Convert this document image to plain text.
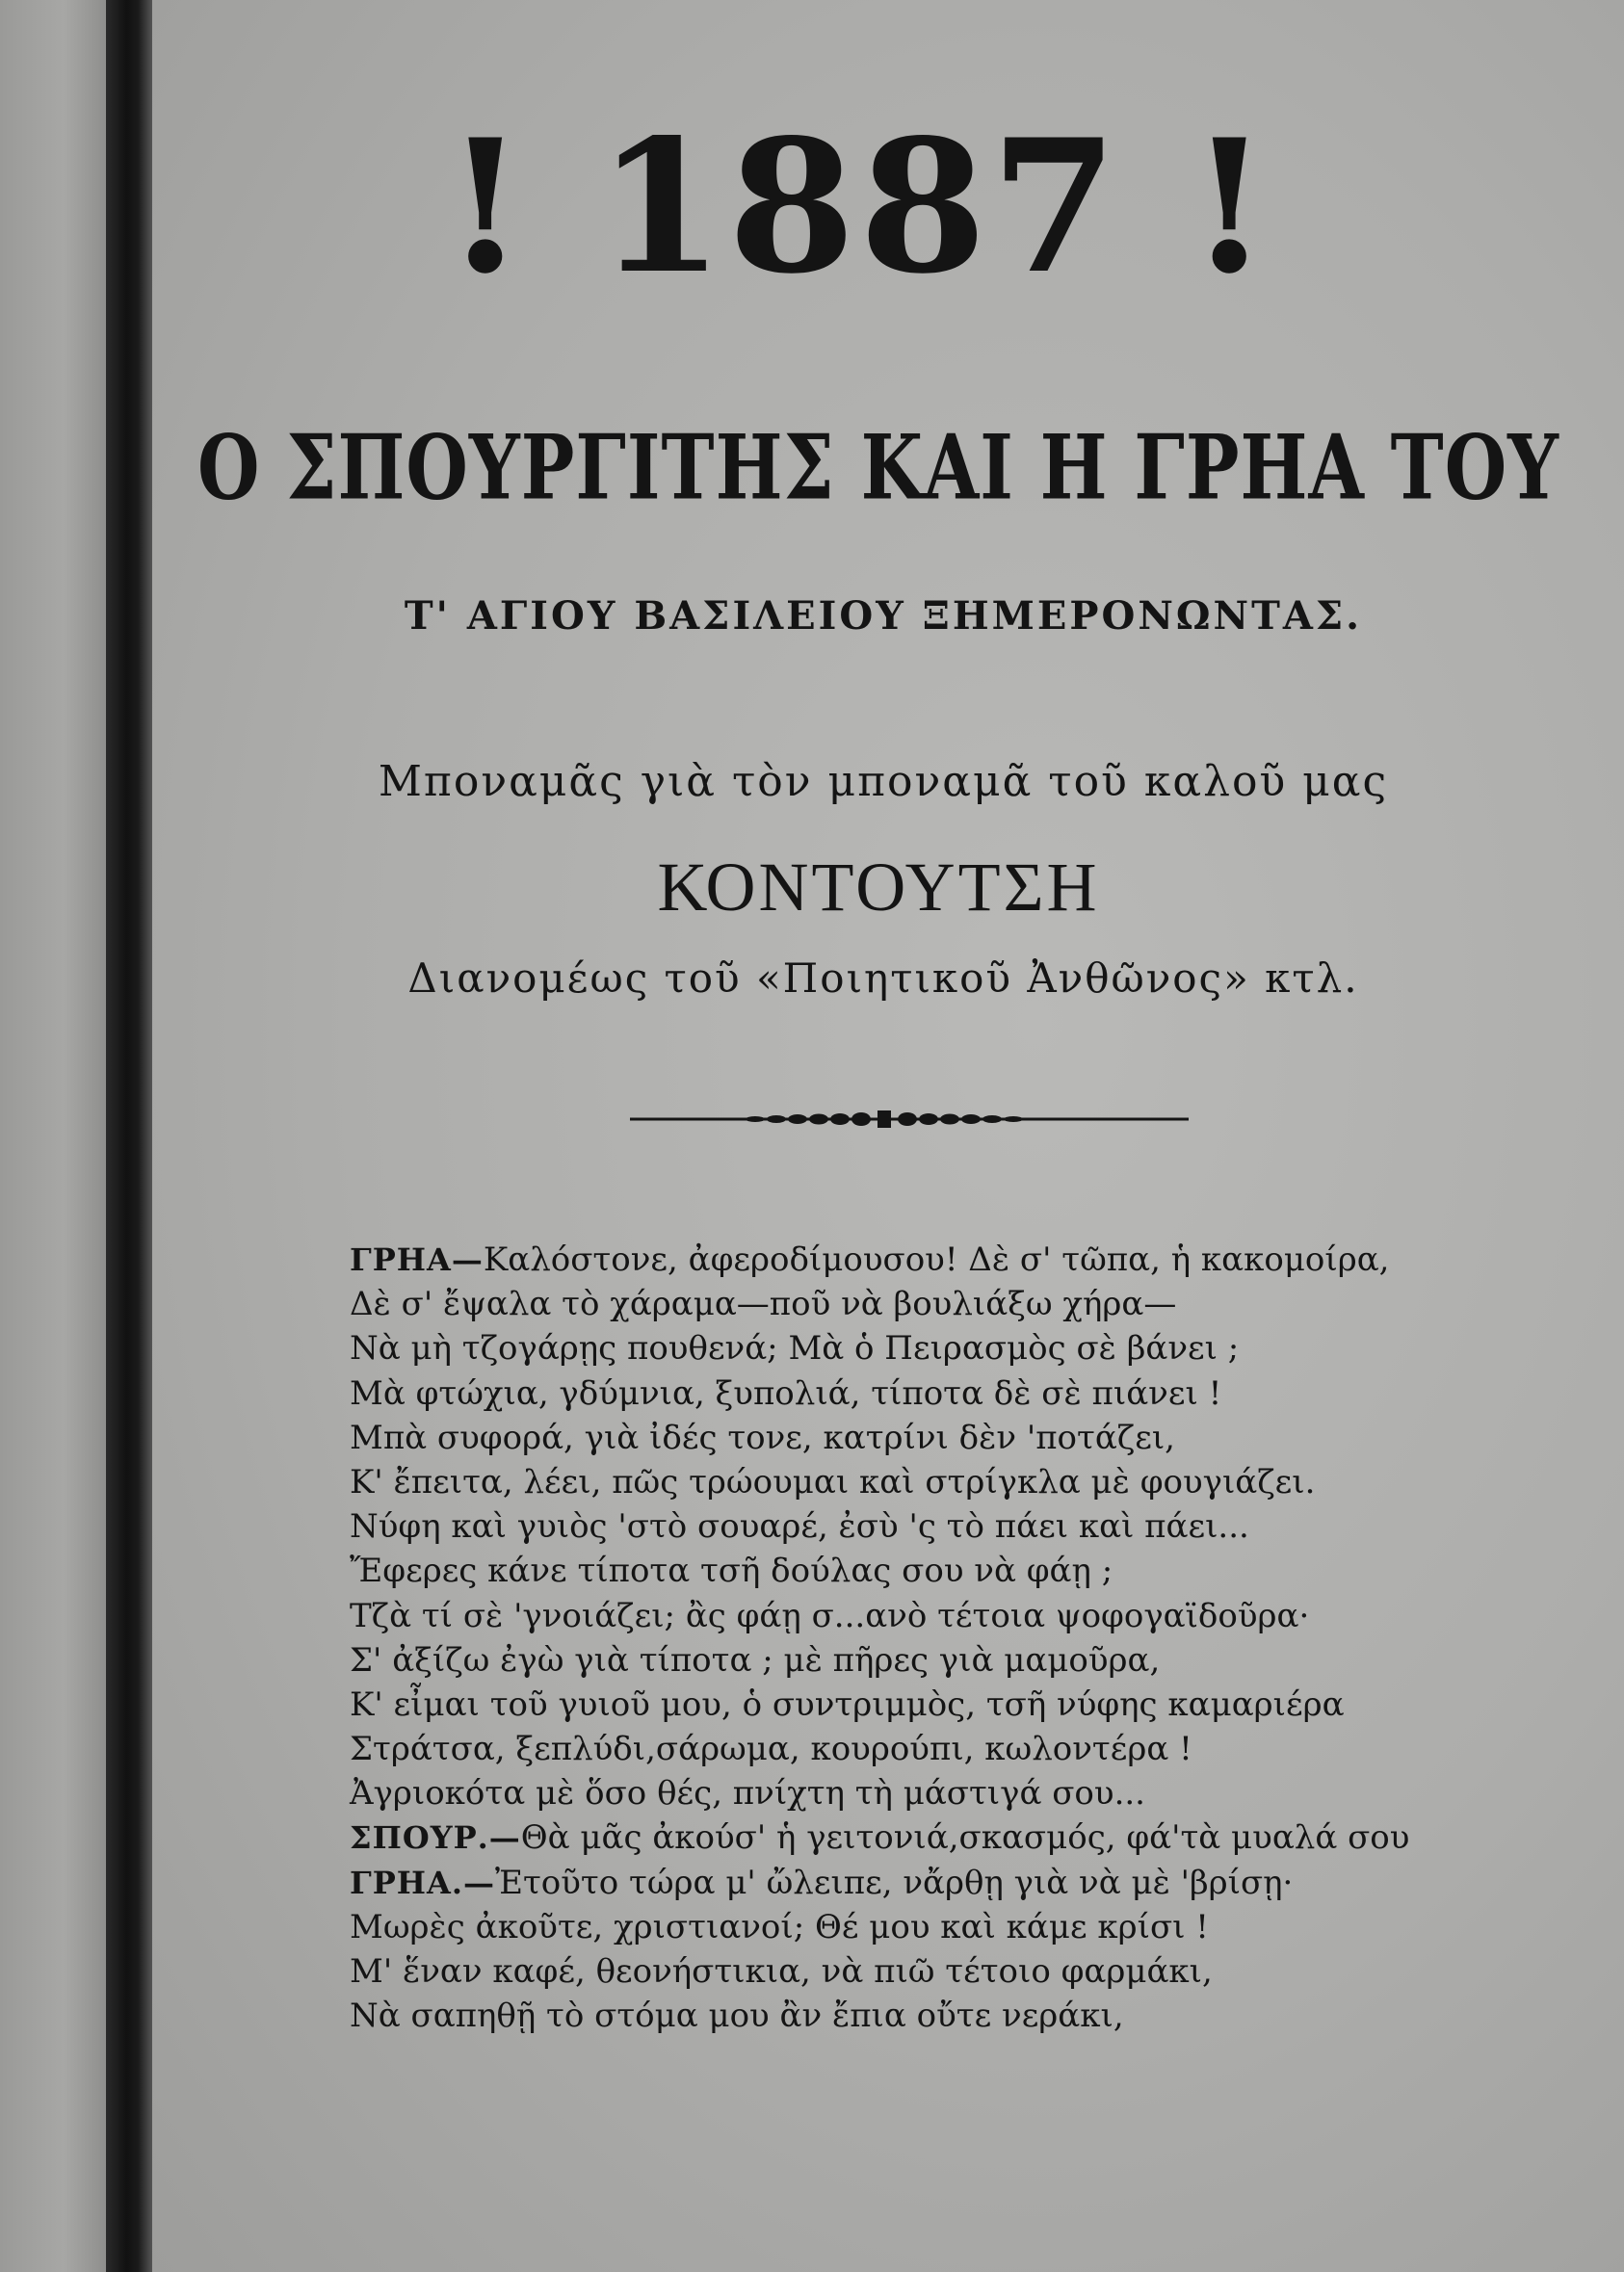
! 1887 !
Ο ΣΠΟΥΡΓΙΤΗΣ ΚΑΙ Η ΓΡΗΑ ΤΟΥ
Τ' ΑΓΙΟΥ ΒΑΣΙΛΕΙΟΥ ΞΗΜΕΡΟΝΩΝΤΑΣ.
Μποναμᾶς γιὰ τὸν μποναμᾶ τοῦ καλοῦ μας
ΚΟΝΤΟΥΤΣΗ
Διανομέως τοῦ «Ποιητικοῦ Ἀνθῶνος» κτλ.
ΓΡΗΑ—Καλόστονε, ἀφεροδίμουσου! Δὲ σ' τῶπα, ἡ κακομοίρα,
Δὲ σ' ἔψαλα τὸ χάραμα—ποῦ νὰ βουλιάξω χήρα—
Νὰ μὴ τζογάρῃς πουθενά; Μὰ ὁ Πειρασμὸς σὲ βάνει ;
Μὰ φτώχια, γδύμνια, ξυπολιά, τίποτα δὲ σὲ πιάνει !
Μπὰ συφορά, γιὰ ἰδές τονε, κατρίνι δὲν 'ποτάζει,
Κ' ἔπειτα, λέει, πῶς τρώουμαι καὶ στρίγκλα μὲ φουγιάζει.
Νύφη καὶ γυιὸς 'στὸ σουαρέ, ἐσὺ 'ς τὸ πάει καὶ πάει...
Ἔφερες κάνε τίποτα τσῆ δούλας σου νὰ φάῃ ;
Τζὰ τί σὲ 'γνοιάζει; ἂς φάῃ σ...ανὸ τέτοια ψοφογαϊδοῦρα·
Σ' ἀξίζω ἐγὼ γιὰ τίποτα ; μὲ πῆρες γιὰ μαμοῦρα,
Κ' εἶμαι τοῦ γυιοῦ μου, ὁ συντριμμὸς, τσῆ νύφης καμαριέρα
Στράτσα, ξεπλύδι,σάρωμα, κουρούπι, κωλοντέρα !
Ἀγριοκότα μὲ ὅσο θές, πνίχτη τὴ μάστιγά σου...
ΣΠΟΥΡ.—Θὰ μᾶς ἀκούσ' ἡ γειτονιά,σκασμός, φά'τὰ μυαλά σου
ΓΡΗΑ.—Ἐτοῦτο τώρα μ' ὤλειπε, νἄρθῃ γιὰ νὰ μὲ 'βρίσῃ·
Μωρὲς ἀκοῦτε, χριστιανοί; Θέ μου καὶ κάμε κρίσι !
Μ' ἕναν καφέ, θεονήστικια, νὰ πιῶ τέτοιο φαρμάκι,
Νὰ σαπηθῇ τὸ στόμα μου ἂν ἔπια οὔτε νεράκι,
